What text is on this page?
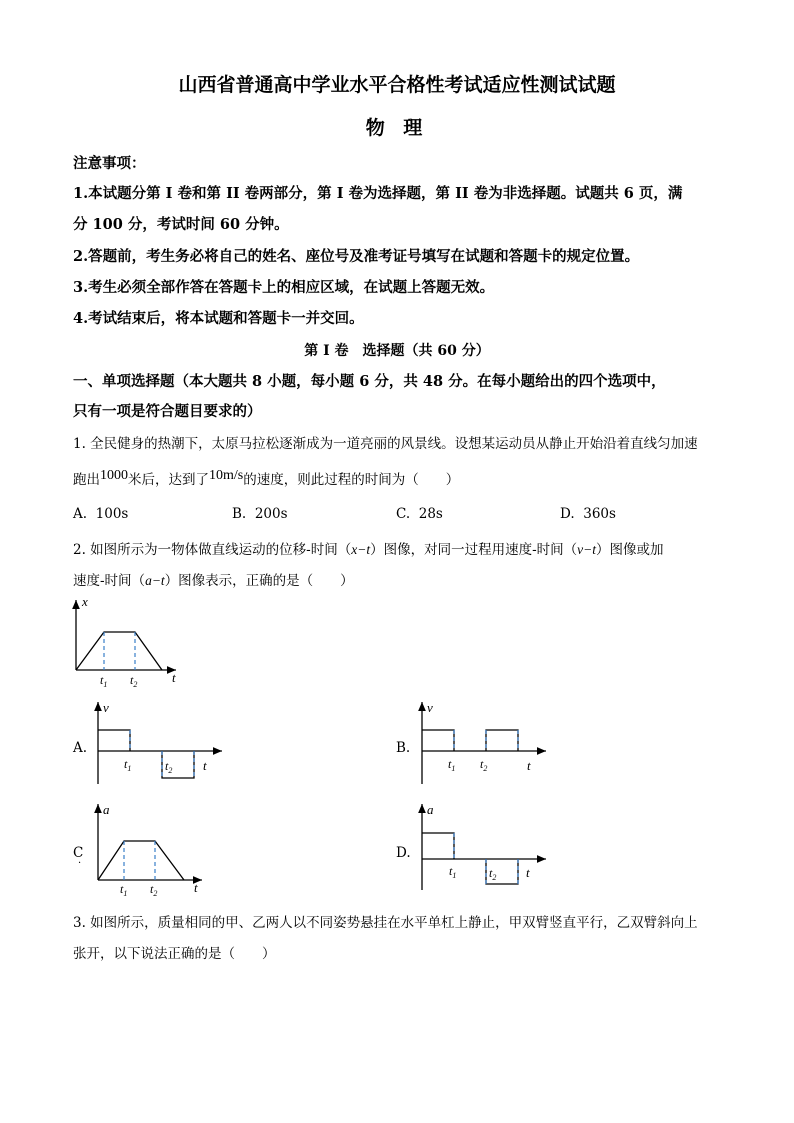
山西省普通高中学业水平合格性考试适应性测试试题
物 理
注意事项：
1.本试题分第 I 卷和第 II 卷两部分，第 I 卷为选择题，第 II 卷为非选择题。试题共 6 页，满
分 100 分，考试时间 60 分钟。
2.答题前，考生务必将自己的姓名、座位号及准考证号填写在试题和答题卡的规定位置。
3.考生必须全部作答在答题卡上的相应区域，在试题上答题无效。
4.考试结束后，将本试题和答题卡一并交回。
第 I 卷　选择题（共 60 分）
一、单项选择题（本大题共 8 小题，每小题 6 分，共 48 分。在每小题给出的四个选项中，
只有一项是符合题目要求的）
1. 全民健身的热潮下，太原马拉松逐渐成为一道亮丽的风景线。设想某运动员从静止开始沿着直线匀加速
跑出1000米后，达到了10m/s的速度，则此过程的时间为（　　）
A. 100s	B. 200s	C. 28s	D. 360s
2. 如图所示为一物体做直线运动的位移-时间（x−t）图像，对同一过程用速度-时间（v−t）图像或加
速度-时间（a−t）图像表示，正确的是（　　）
x
$t_1$ $t_2$	t
A.
v
$t_1$	$t_2$ t
B.
v
$t_1$ $t_2$	t
C
·
a
$t_1$ $t_2$	t
D.
a
$t_1$	$t_2$ t
3. 如图所示，质量相同的甲、乙两人以不同姿势悬挂在水平单杠上静止，甲双臂竖直平行，乙双臂斜向上
张开，以下说法正确的是（　　）
